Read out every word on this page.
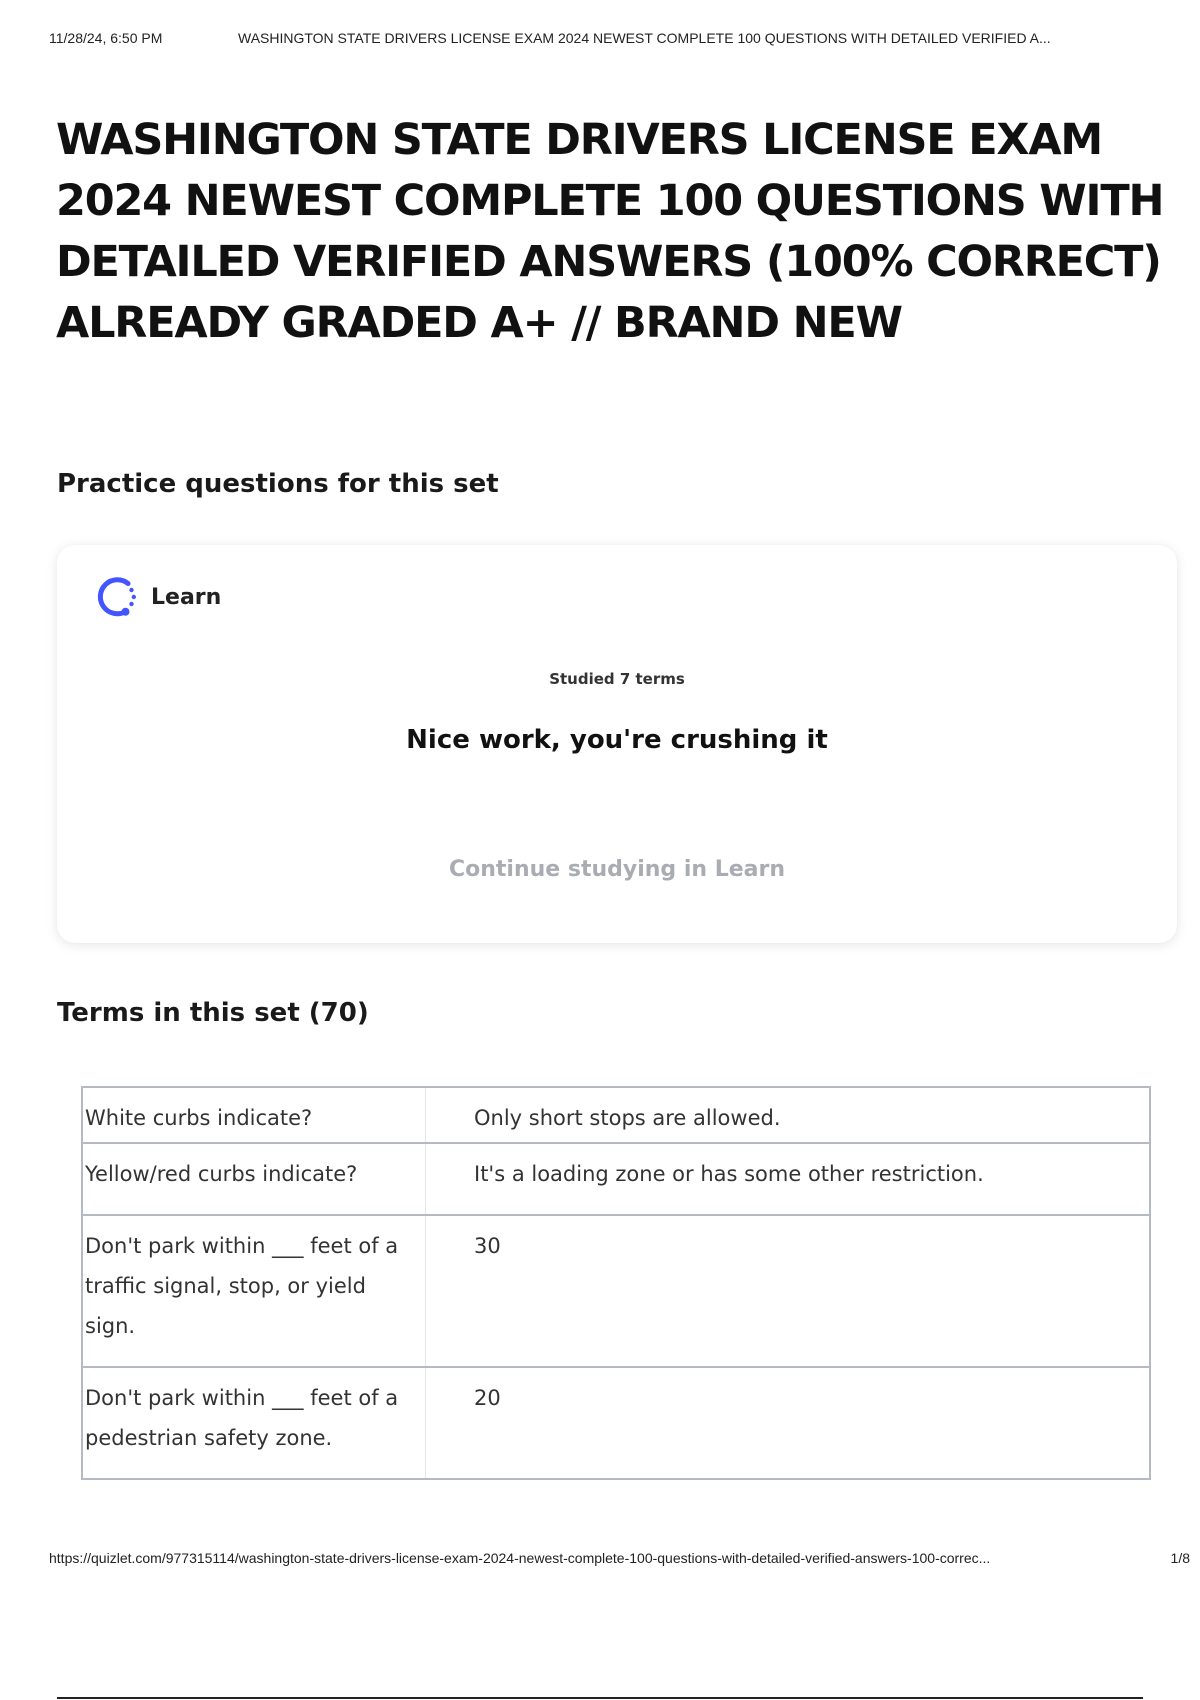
11/28/24, 6:50 PM	WASHINGTON STATE DRIVERS LICENSE EXAM 2024 NEWEST COMPLETE 100 QUESTIONS WITH DETAILED VERIFIED A...
WASHINGTON STATE DRIVERS LICENSE EXAM
2024 NEWEST COMPLETE 100 QUESTIONS WITH
DETAILED VERIFIED ANSWERS (100% CORRECT)
ALREADY GRADED A+ // BRAND NEW
Practice questions for this set
Learn
Studied 7 terms
Nice work, you're crushing it
Continue studying in Learn
Terms in this set (70)
White curbs indicate?	Only short stops are allowed.
Yellow/red curbs indicate?	It's a loading zone or has some other restriction.
Don't park within ___ feet of a traffic signal, stop, or yield sign.	30
Don't park within ___ feet of a pedestrian safety zone.	20
https://quizlet.com/977315114/washington-state-drivers-license-exam-2024-newest-complete-100-questions-with-detailed-verified-answers-100-correc...	1/8
